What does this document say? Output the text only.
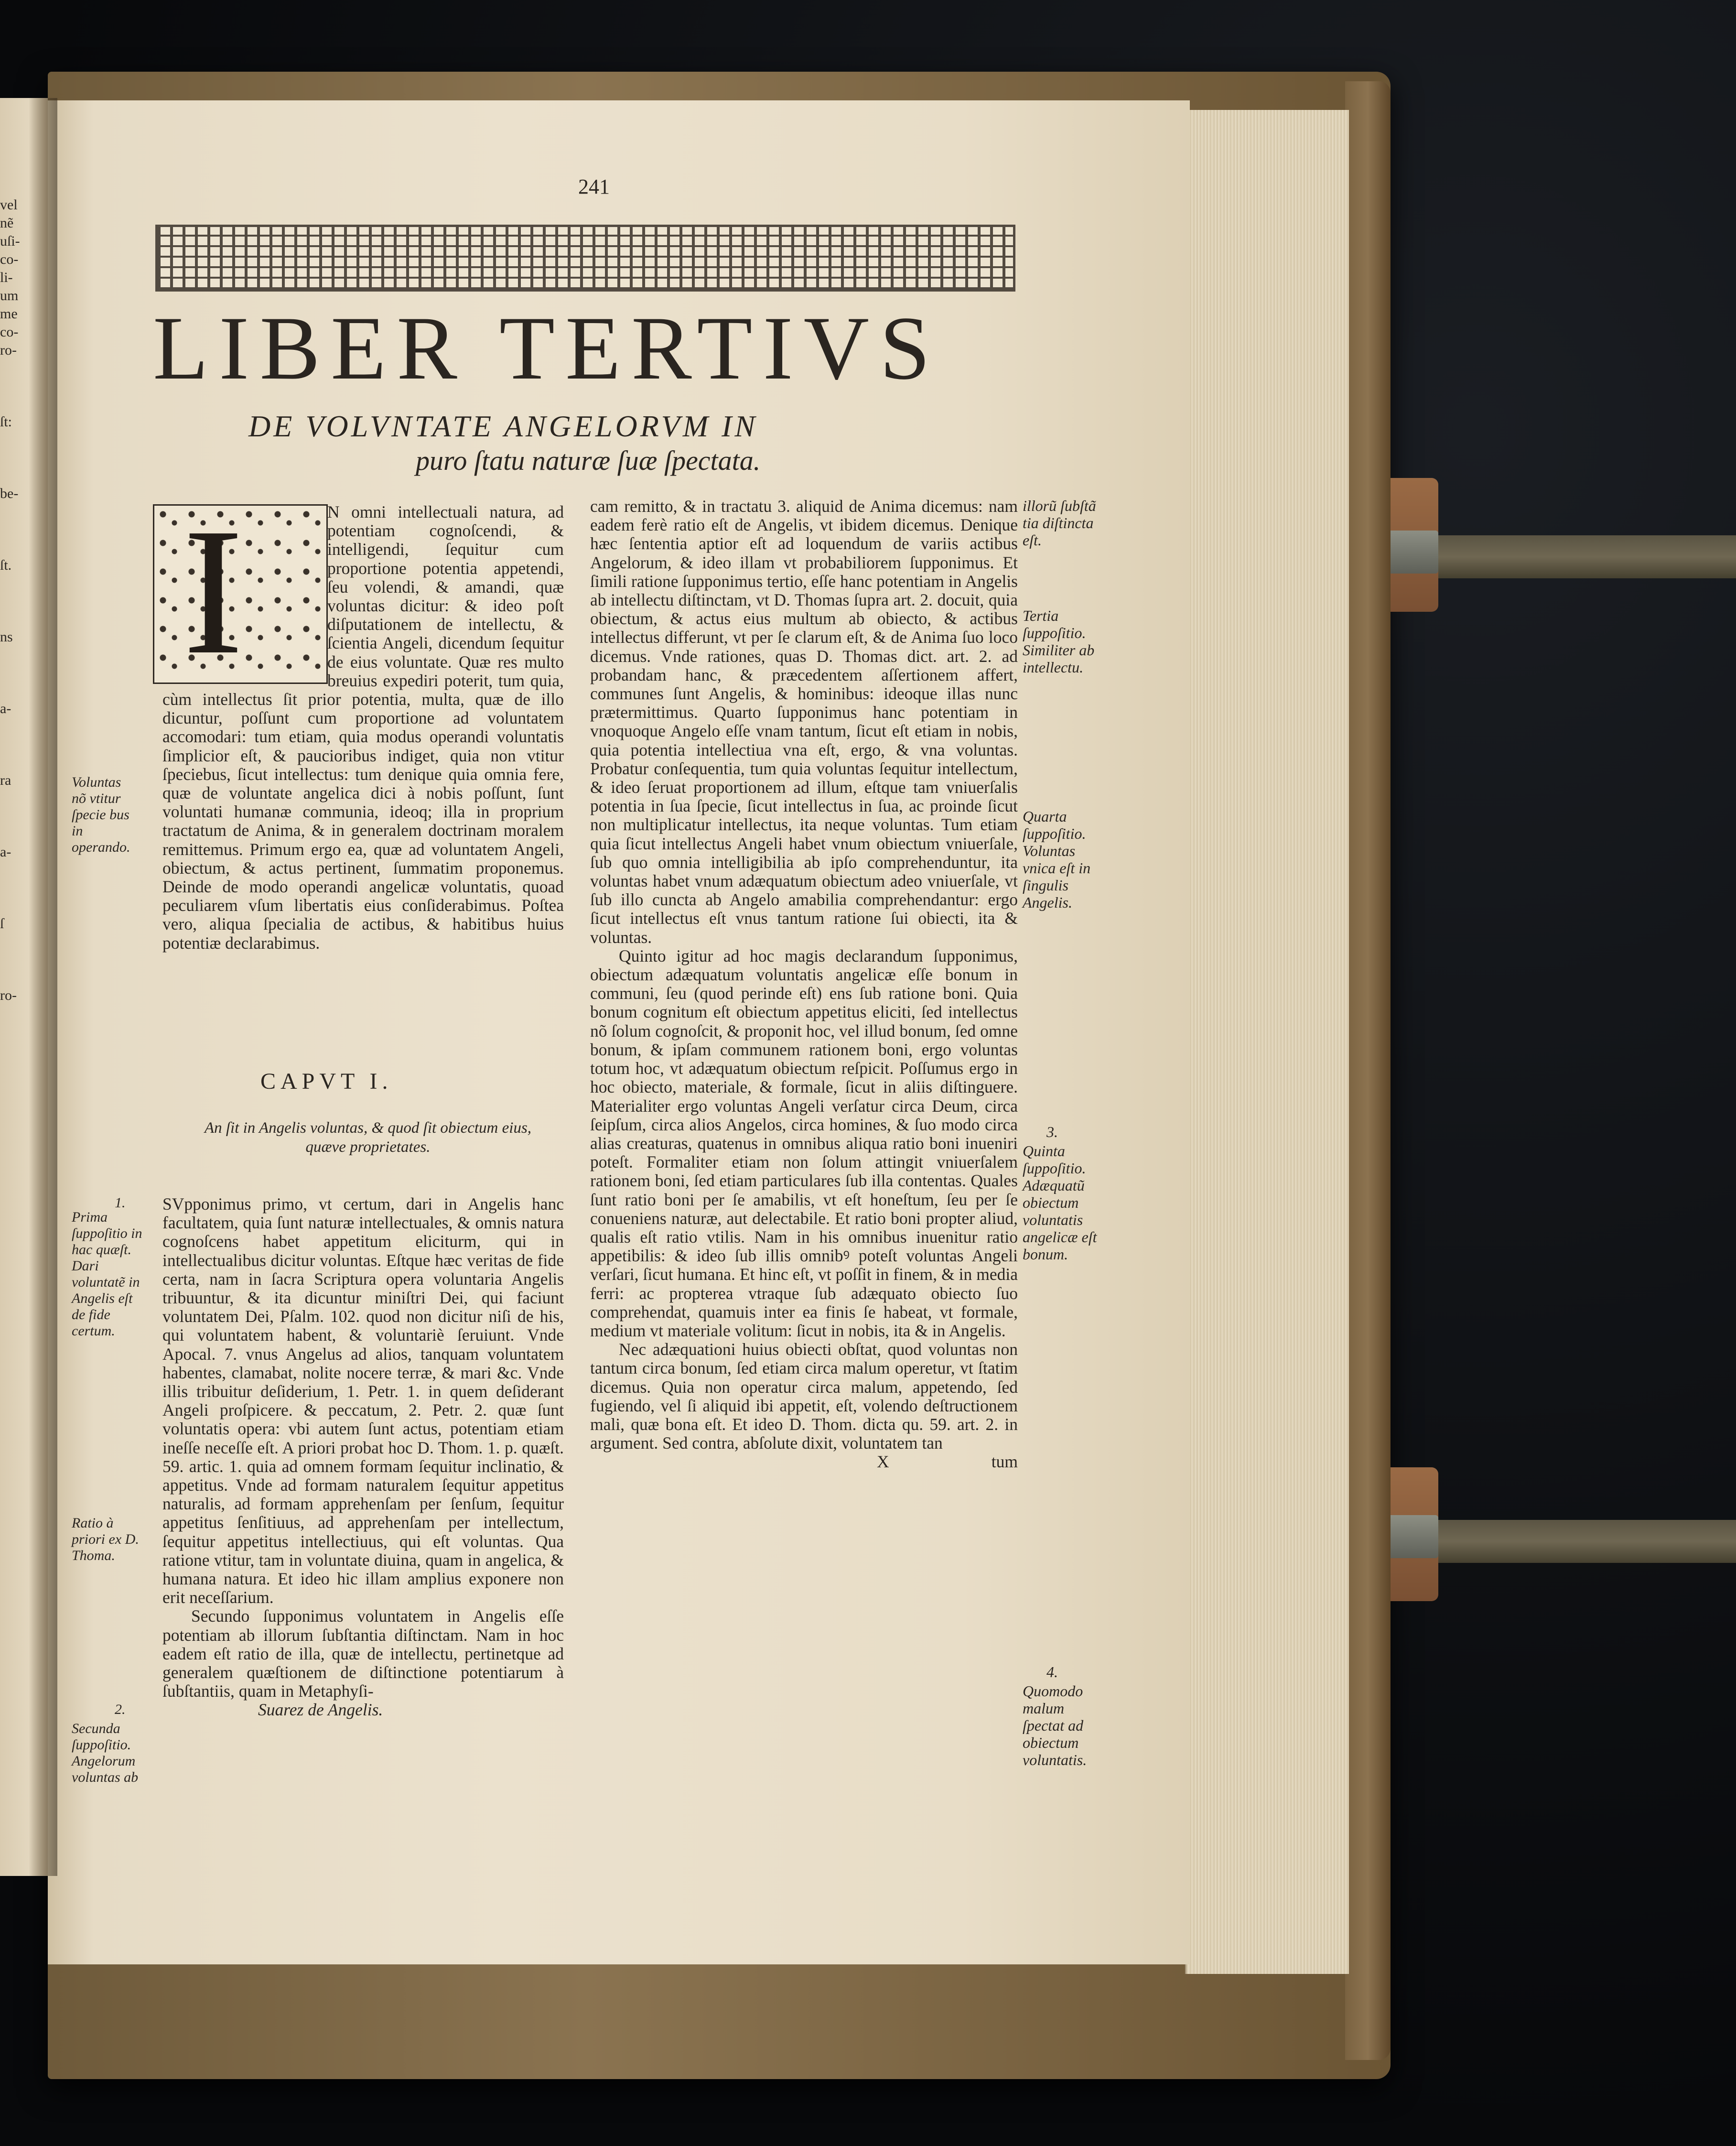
vel
nẽ
uſi-
co-
li-
um
me
co-
ro-
ſt:
be-
ſt.
ns
a-
ra
a-
ſ
ro-
241
LIBER TERTIVS
DE VOLVNTATE ANGELORVM IN
puro ſtatu naturæ ſuæ ſpectata.
I	N omni intellectuali natura, ad potentiam cognoſcendi, & intelligendi, ſequitur cum proportione potentia appetendi, ſeu volendi, & amandi, quæ voluntas dicitur: & ideo poſt diſputationem de intellectu, & ſcientia Angeli, dicendum ſequitur de eius voluntate. Quæ res multo breuius expediri poterit, tum quia, cùm intellectus ſit prior potentia, multa, quæ de illo dicuntur, poſſunt cum proportione ad voluntatem accomodari: tum etiam, quia modus operandi voluntatis ſimplicior eſt, & paucioribus indiget, quia non vtitur ſpeciebus, ſicut intellectus: tum denique quia omnia fere, quæ de voluntate angelica dici à nobis poſſunt, ſunt voluntati humanæ communia, ideoq; illa in proprium tractatum de Anima, & in generalem doctrinam moralem remittemus. Primum ergo ea, quæ ad voluntatem Angeli, obiectum, & actus pertinent, ſummatim proponemus. Deinde de modo operandi angelicæ voluntatis, quoad peculiarem vſum libertatis eius conſiderabimus. Poſtea vero, aliqua ſpecialia de actibus, & habitibus huius potentiæ declarabimus.

CAPVT I.
An ſit in Angelis voluntas, & quod ſit obiectum eius, quæve proprietates.

SVpponimus primo, vt certum, dari in Angelis hanc facultatem, quia ſunt naturæ intellectuales, & omnis natura cognoſcens habet appetitum eliciturm, qui in intellectualibus dicitur voluntas. Eſtque hæc veritas de fide certa, nam in ſacra Scriptura opera voluntaria Angelis tribuuntur, & ita dicuntur miniſtri Dei, qui faciunt voluntatem Dei, Pſalm. 102. quod non dicitur niſi de his, qui voluntatem habent, & voluntariè ſeruiunt. Vnde Apocal. 7. vnus Angelus ad alios, tanquam voluntatem habentes, clamabat, nolite nocere terræ, & mari &c. Vnde illis tribuitur deſiderium, 1. Petr. 1. in quem deſiderant Angeli proſpicere. & peccatum, 2. Petr. 2. quæ ſunt voluntatis opera: vbi autem ſunt actus, potentiam etiam ineſſe neceſſe eſt. A priori probat hoc D. Thom. 1. p. quæſt. 59. artic. 1. quia ad omnem formam ſequitur inclinatio, & appetitus. Vnde ad formam naturalem ſequitur appetitus naturalis, ad formam apprehenſam per ſenſum, ſequitur appetitus ſenſitiuus, ad apprehenſam per intellectum, ſequitur appetitus intellectiuus, qui eſt voluntas. Qua ratione vtitur, tam in voluntate diuina, quam in angelica, & humana natura. Et ideo hic illam amplius exponere non erit neceſſarium.

Secundo ſupponimus voluntatem in Angelis eſſe potentiam ab illorum ſubſtantia diſtinctam. Nam in hoc eadem eſt ratio de illa, quæ de intellectu, pertinetque ad generalem quæſtionem de diſtinctione potentiarum à ſubſtantiis, quam in Metaphyſi-

Suarez de Angelis.

cam remitto, & in tractatu 3. aliquid de Anima dicemus: nam eadem ferè ratio eſt de Angelis, vt ibidem dicemus. Denique hæc ſententia aptior eſt ad loquendum de variis actibus Angelorum, & ideo illam vt probabiliorem ſupponimus. Et ſimili ratione ſupponimus tertio, eſſe hanc potentiam in Angelis ab intellectu diſtinctam, vt D. Thomas ſupra art. 2. docuit, quia obiectum, & actus eius multum ab obiecto, & actibus intellectus differunt, vt per ſe clarum eſt, & de Anima ſuo loco dicemus. Vnde rationes, quas D. Thomas dict. art. 2. ad probandam hanc, & præcedentem aſſertionem affert, communes ſunt Angelis, & hominibus: ideoque illas nunc prætermittimus. Quarto ſupponimus hanc potentiam in vnoquoque Angelo eſſe vnam tantum, ſicut eſt etiam in nobis, quia potentia intellectiua vna eſt, ergo, & vna voluntas. Probatur conſequentia, tum quia voluntas ſequitur intellectum, & ideo ſeruat proportionem ad illum, eſtque tam vniuerſalis potentia in ſua ſpecie, ſicut intellectus in ſua, ac proinde ſicut non multiplicatur intellectus, ita neque voluntas. Tum etiam quia ſicut intellectus Angeli habet vnum obiectum vniuerſale, ſub quo omnia intelligibilia ab ipſo comprehenduntur, ita voluntas habet vnum adæquatum obiectum adeo vniuerſale, vt ſub illo cuncta ab Angelo amabilia comprehendantur: ergo ſicut intellectus eſt vnus tantum ratione ſui obiecti, ita & voluntas.

Quinto igitur ad hoc magis declarandum ſupponimus, obiectum adæquatum voluntatis angelicæ eſſe bonum in communi, ſeu (quod perinde eſt) ens ſub ratione boni. Quia bonum cognitum eſt obiectum appetitus eliciti, ſed intellectus nõ ſolum cognoſcit, & proponit hoc, vel illud bonum, ſed omne bonum, & ipſam communem rationem boni, ergo voluntas totum hoc, vt adæquatum obiectum reſpicit. Poſſumus ergo in hoc obiecto, materiale, & formale, ſicut in aliis diſtinguere. Materialiter ergo voluntas Angeli verſatur circa Deum, circa ſeipſum, circa alios Angelos, circa homines, & ſuo modo circa alias creaturas, quatenus in omnibus aliqua ratio boni inueniri poteſt. Formaliter etiam non ſolum attingit vniuerſalem rationem boni, ſed etiam particulares ſub illa contentas. Quales ſunt ratio boni per ſe amabilis, vt eſt honeſtum, ſeu per ſe conueniens naturæ, aut delectabile. Et ratio boni propter aliud, qualis eſt ratio vtilis. Nam in his omnibus inuenitur ratio appetibilis: & ideo ſub illis omnibꝰ poteſt voluntas Angeli verſari, ſicut humana. Et hinc eſt, vt poſſit in finem, & in media ferri: ac propterea vtraque ſub adæquato obiecto ſuo comprehendat, quamuis inter ea finis ſe habeat, vt formale, medium vt materiale volitum: ſicut in nobis, ita & in Angelis.

Nec adæquationi huius obiecti obſtat, quod voluntas non tantum circa bonum, ſed etiam circa malum operetur, vt ſtatim dicemus. Quia non operatur circa malum, appetendo, ſed fugiendo, vel ſi aliquid ibi appetit, eſt, volendo deſtructionem mali, quæ bona eſt. Et ideo D. Thom. dicta qu. 59. art. 2. in argument. Sed contra, abſolute dixit, voluntatem tan

X	tum
Voluntas nõ vtitur ſpecie bus in operando.
1.
Prima ſuppoſitio in hac quæſt. Dari voluntatẽ in Angelis eſt de fide certum.
Ratio à priori ex D. Thoma.
2.
Secunda ſuppoſitio. Angelorum voluntas ab
illorũ ſubſtã tia diſtincta eſt.
Tertia ſuppoſitio. Similiter ab intellectu.
Quarta ſuppoſitio. Voluntas vnica eſt in ſingulis Angelis.
3.
Quinta ſuppoſitio. Adæquatũ obiectum voluntatis angelicæ eſt bonum.
4.
Quomodo malum ſpectat ad obiectum voluntatis.
